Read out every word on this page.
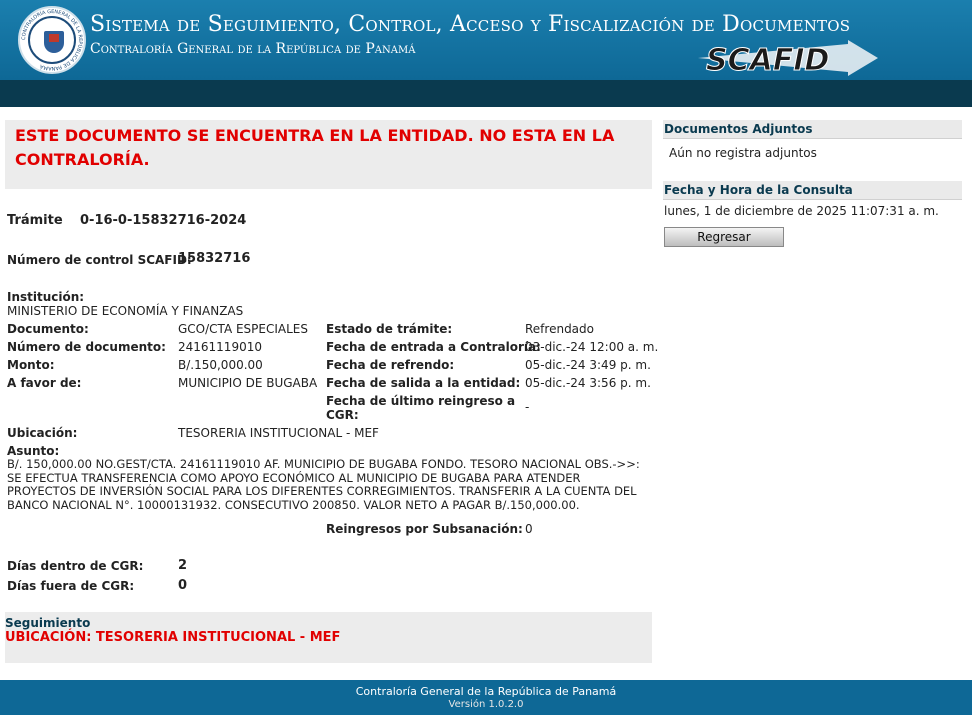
CONTRALORÍA GENERAL DE LA REPÚBLICA DE PANAMÁ
Sistema de Seguimiento, Control, Acceso y Fiscalización de Documentos
Contraloría General de la República de Panamá	SCAFID
ESTE DOCUMENTO SE ENCUENTRA EN LA ENTIDAD. NO ESTA EN LA CONTRALORÍA.
Trámite 0-16-0-15832716-2024
Número de control SCAFID:
15832716
Institución:
MINISTERIO DE ECONOMÍA Y FINANZAS
Documento:	GCO/CTA ESPECIALES
Número de documento: 24161119010
Monto:	B/.150,000.00
A favor de:	MUNICIPIO DE BUGABA
Estado de trámite:	Refrendado
Fecha de entrada a Contraloría:
03-dic.-24 12:00 a. m.
Fecha de refrendo:	05-dic.-24 3:49 p. m.
Fecha de salida a la entidad: 05-dic.-24 3:56 p. m.
Fecha de último reingreso a
CGR:
-
Ubicación:	TESORERIA INSTITUCIONAL - MEF
Asunto:
B/. 150,000.00 NO.GEST/CTA. 24161119010 AF. MUNICIPIO DE BUGABA FONDO. TESORO NACIONAL OBS.->>: SE EFECTUA TRANSFERENCIA COMO APOYO ECONÓMICO AL MUNICIPIO DE BUGABA PARA ATENDER PROYECTOS DE INVERSIÓN SOCIAL PARA LOS DIFERENTES CORREGIMIENTOS. TRANSFERIR A LA CUENTA DEL BANCO NACIONAL N°. 10000131932. CONSECUTIVO 200850. VALOR NETO A PAGAR B/.150,000.00.
Reingresos por Subsanación: 0
Días dentro de CGR:	2
Días fuera de CGR:	0
Seguimiento
UBICACIÓN: TESORERIA INSTITUCIONAL - MEF
Documentos Adjuntos
Aún no registra adjuntos
Fecha y Hora de la Consulta
lunes, 1 de diciembre de 2025 11:07:31 a. m.
Regresar
Contraloría General de la República de Panamá
Versión 1.0.2.0
